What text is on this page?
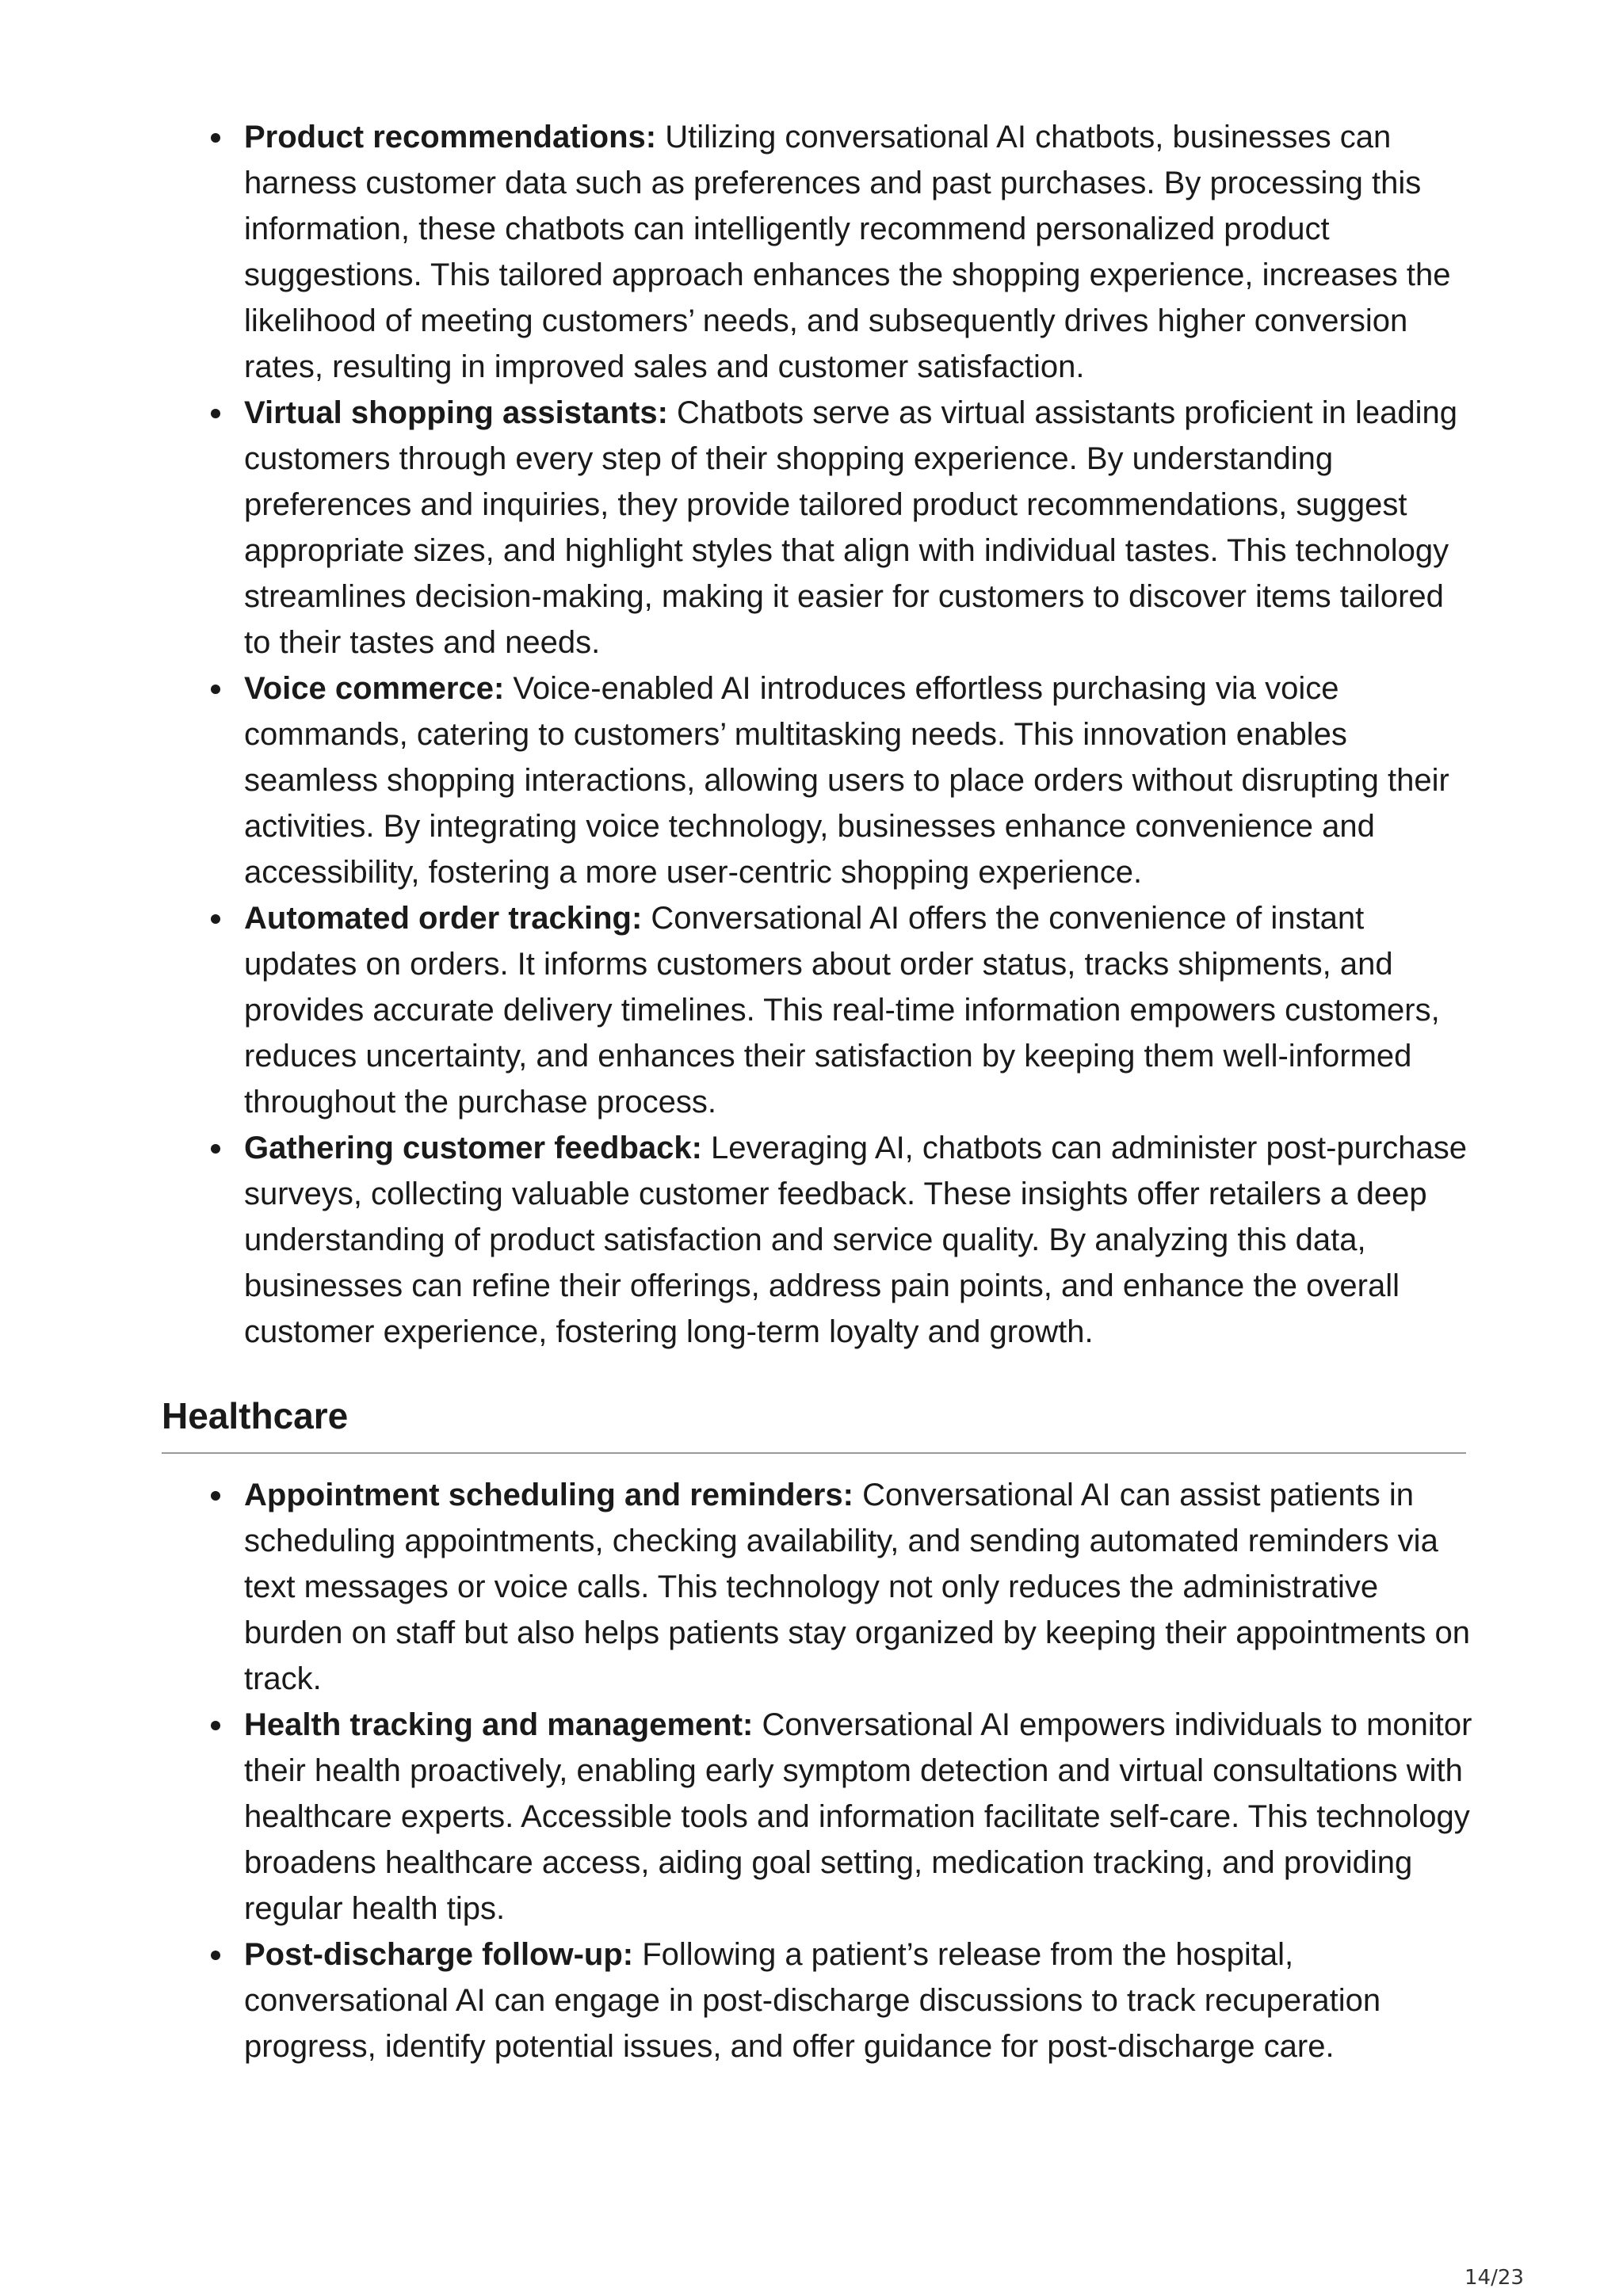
Product recommendations: Utilizing conversational AI chatbots, businesses can harness customer data such as preferences and past purchases. By processing this information, these chatbots can intelligently recommend personalized product suggestions. This tailored approach enhances the shopping experience, increases the likelihood of meeting customers’ needs, and subsequently drives higher conversion rates, resulting in improved sales and customer satisfaction.
Virtual shopping assistants: Chatbots serve as virtual assistants proficient in leading customers through every step of their shopping experience. By understanding preferences and inquiries, they provide tailored product recommendations, suggest appropriate sizes, and highlight styles that align with individual tastes. This technology streamlines decision-making, making it easier for customers to discover items tailored to their tastes and needs.
Voice commerce: Voice-enabled AI introduces effortless purchasing via voice commands, catering to customers’ multitasking needs. This innovation enables seamless shopping interactions, allowing users to place orders without disrupting their activities. By integrating voice technology, businesses enhance convenience and accessibility, fostering a more user-centric shopping experience.
Automated order tracking: Conversational AI offers the convenience of instant updates on orders. It informs customers about order status, tracks shipments, and provides accurate delivery timelines. This real-time information empowers customers, reduces uncertainty, and enhances their satisfaction by keeping them well-informed throughout the purchase process.
Gathering customer feedback: Leveraging AI, chatbots can administer post-purchase surveys, collecting valuable customer feedback. These insights offer retailers a deep understanding of product satisfaction and service quality. By analyzing this data, businesses can refine their offerings, address pain points, and enhance the overall customer experience, fostering long-term loyalty and growth.
Healthcare
Appointment scheduling and reminders: Conversational AI can assist patients in scheduling appointments, checking availability, and sending automated reminders via text messages or voice calls. This technology not only reduces the administrative burden on staff but also helps patients stay organized by keeping their appointments on track.
Health tracking and management: Conversational AI empowers individuals to monitor their health proactively, enabling early symptom detection and virtual consultations with healthcare experts. Accessible tools and information facilitate self-care. This technology broadens healthcare access, aiding goal setting, medication tracking, and providing regular health tips.
Post-discharge follow-up: Following a patient’s release from the hospital, conversational AI can engage in post-discharge discussions to track recuperation progress, identify potential issues, and offer guidance for post-discharge care.
14/23
